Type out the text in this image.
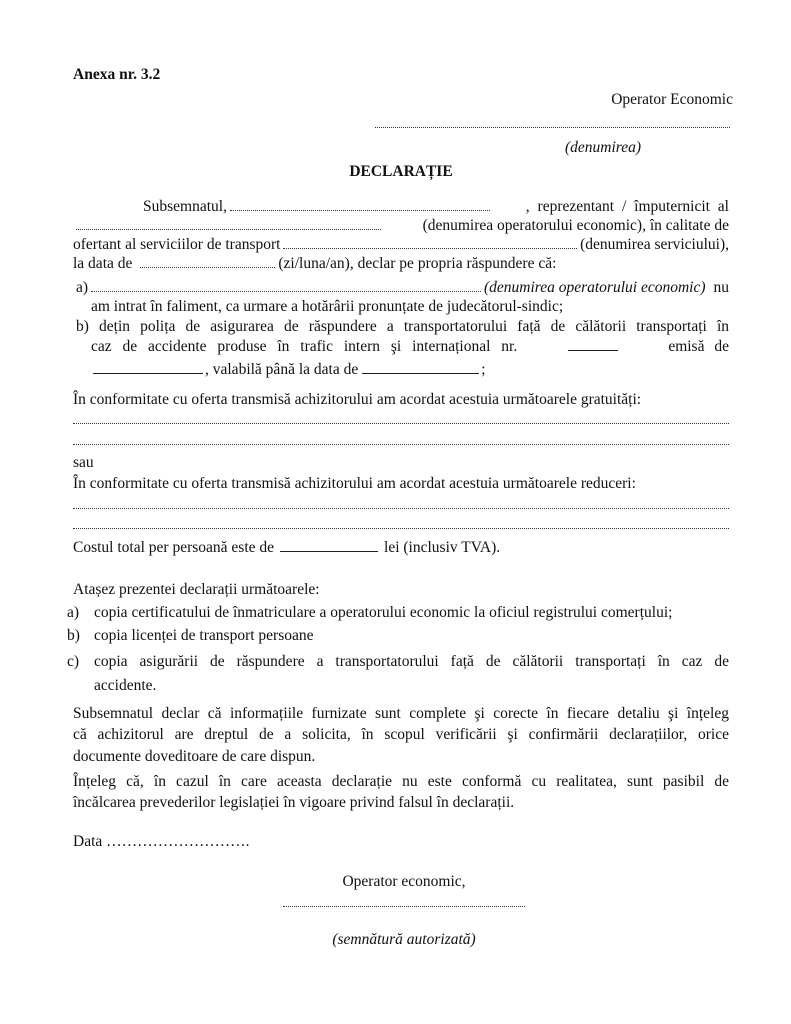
Anexa nr. 3.2
Operator Economic
(denumirea)
DECLARAȚIE
Subsemnatul,	, reprezentant / împuternicit al
(denumirea operatorului economic), în calitate de
ofertant al serviciilor de transport	(denumirea serviciului),
la data de	(zi/luna/an), declar pe propria răspundere că:
a)	(denumirea operatorului economic) nu
am intrat în faliment, ca urmare a hotărârii pronunțate de judecătorul-sindic;
b) dețin polița de asigurarea de răspundere a transportatorului față de călătorii transportați în
caz de accidente produse în trafic intern şi internațional nr.	emisă de
, valabilă până la data de	;
În conformitate cu oferta transmisă achizitorului am acordat acestuia următoarele gratuități:
sau
În conformitate cu oferta transmisă achizitorului am acordat acestuia următoarele reduceri:
Costul total per persoană este de	lei (inclusiv TVA).
Atașez prezentei declarații următoarele:
a) copia certificatului de înmatriculare a operatorului economic la oficiul registrului comerțului;
b) copia licenței de transport persoane
c) copia asigurării de răspundere a transportatorului față de călătorii transportați în caz de
accidente.
Subsemnatul declar că informațiile furnizate sunt complete şi corecte în fiecare detaliu şi înțeleg
că achizitorul are dreptul de a solicita, în scopul verificării şi confirmării declarațiilor, orice
documente doveditoare de care dispun.
Înțeleg că, în cazul în care aceasta declarație nu este conformă cu realitatea, sunt pasibil de
încălcarea prevederilor legislației în vigoare privind falsul în declarații.
Data ……………………….
Operator economic,
(semnătură autorizată)
